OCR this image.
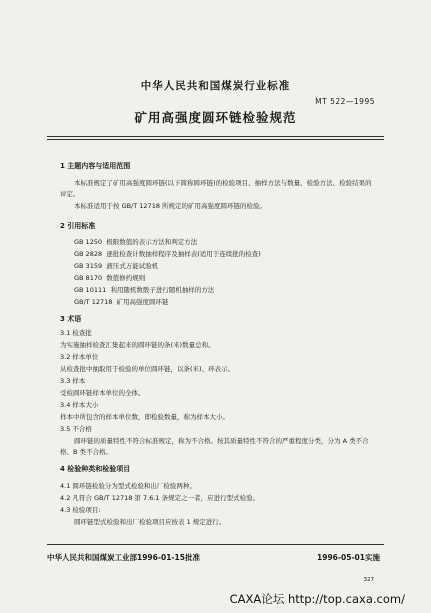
中华人民共和国煤炭行业标准
MT 522—1995
矿用高强度圆环链检验规范
1 主题内容与适用范围
本标准规定了矿用高强度圆环链(以下简称圆环链)的检验项目、抽样方法与数量、检验方法、检验结果的评定。
本标准适用于按 GB/T 12718 所规定的矿用高强度圆环链的检验。
2 引用标准
GB 1250 极限数值的表示方法和判定方法
GB 2828 逐批检查计数抽样程序及抽样表(适用于连续批的检查)
GB 3159 液压式万能试验机
GB 8170 数值修约规则
GB 10111 利用随机数骰子进行随机抽样的方法
GB/T 12718 矿用高强度圆环链
3 术语
3.1 检查批
为实施抽样检查汇集起来的圆环链的条(米)数量总和。
3.2 样本单位
从检查批中抽取用于检验的单位圆环链，以条(米)、环表示。
3.3 样本
受检圆环链样本单位的全体。
3.4 样本大小
样本中所包含的样本单位数，即检验数量，称为样本大小。
3.5 不合格
圆环链的质量特性不符合标准规定，称为不合格。按其质量特性不符合的严重程度分类，分为 A 类不合格、B 类不合格。
4 检验种类和检验项目
4.1 圆环链检验分为型式检验和出厂检验两种。
4.2 凡符合 GB/T 12718 第 7.6.1 条规定之一者，应进行型式检验。
4.3 检验项目:
圆环链型式检验和出厂检验项目应按表 1 规定进行。
中华人民共和国煤炭工业部1996-01-15批准	1996-05-01实施
327
CAXA论坛 http://top.caxa.com/
